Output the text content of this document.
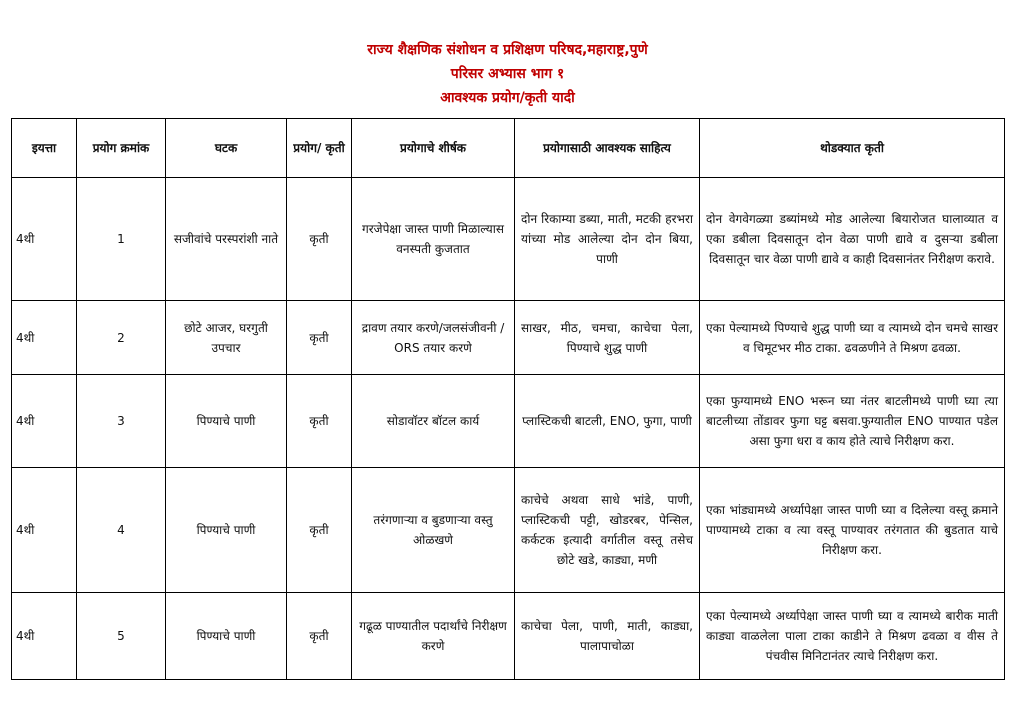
राज्य शैक्षणिक संशोधन व प्रशिक्षण परिषद,महाराष्ट्र,पुणे
परिसर अभ्यास भाग १
आवश्यक प्रयोग/कृती यादी
इयत्ता	प्रयोग क्रमांक	घटक	प्रयोग/ कृती	प्रयोगाचे शीर्षक	प्रयोगासाठी आवश्यक साहित्य	थोडक्यात कृती
4थी	1	सजीवांचे परस्परांशी नाते	कृती	गरजेपेक्षा जास्त पाणी मिळाल्यास वनस्पती कुजतात	दोन रिकाम्या डब्या, माती, मटकी हरभरा यांच्या मोड आलेल्या दोन दोन बिया, पाणी	दोन वेगवेगळ्या डब्यांमध्ये मोड आलेल्या बियारोजत घालाव्यात व एका डबीला दिवसातून दोन वेळा पाणी द्यावे व दुसऱ्या डबीला दिवसातून चार वेळा पाणी द्यावे व काही दिवसानंतर निरीक्षण करावे.
4थी	2	छोटे आजर, घरगुती उपचार	कृती	द्रावण तयार करणे/जलसंजीवनी / ORS तयार करणे	साखर, मीठ, चमचा, काचेचा पेला, पिण्याचे शुद्ध पाणी	एका पेल्यामध्ये पिण्याचे शुद्ध पाणी घ्या व त्यामध्ये दोन चमचे साखर व चिमूटभर मीठ टाका. ढवळणीने ते मिश्रण ढवळा.
4थी	3	पिण्याचे पाणी	कृती	सोडावॉटर बॉटल कार्य	प्लास्टिकची बाटली, ENO, फुगा, पाणी	एका फुग्यामध्ये ENO भरून घ्या नंतर बाटलीमध्ये पाणी घ्या त्या बाटलीच्या तोंडावर फुगा घट्ट बसवा.फुग्यातील ENO पाण्यात पडेल असा फुगा धरा व काय होते त्याचे निरीक्षण करा.
4थी	4	पिण्याचे पाणी	कृती	तरंगणाऱ्या व बुडणाऱ्या वस्तु ओळखणे	काचेचे अथवा साधे भांडे, पाणी, प्लास्टिकची पट्टी, खोडरबर, पेन्सिल, कर्कटक इत्यादी वर्गातील वस्तू तसेच छोटे खडे, काड्या, मणी	एका भांड्यामध्ये अर्ध्यापेक्षा जास्त पाणी घ्या व दिलेल्या वस्तू क्रमाने पाण्यामध्ये टाका व त्या वस्तू पाण्यावर तरंगतात की बुडतात याचे निरीक्षण करा.
4थी	5	पिण्याचे पाणी	कृती	गढूळ पाण्यातील पदार्थांचे निरीक्षण करणे	काचेचा पेला, पाणी, माती, काड्या, पालापाचोळा	एका पेल्यामध्ये अर्ध्यापेक्षा जास्त पाणी घ्या व त्यामध्ये बारीक माती काड्या वाळलेला पाला टाका काडीने ते मिश्रण ढवळा व वीस ते पंचवीस मिनिटानंतर त्याचे निरीक्षण करा.
